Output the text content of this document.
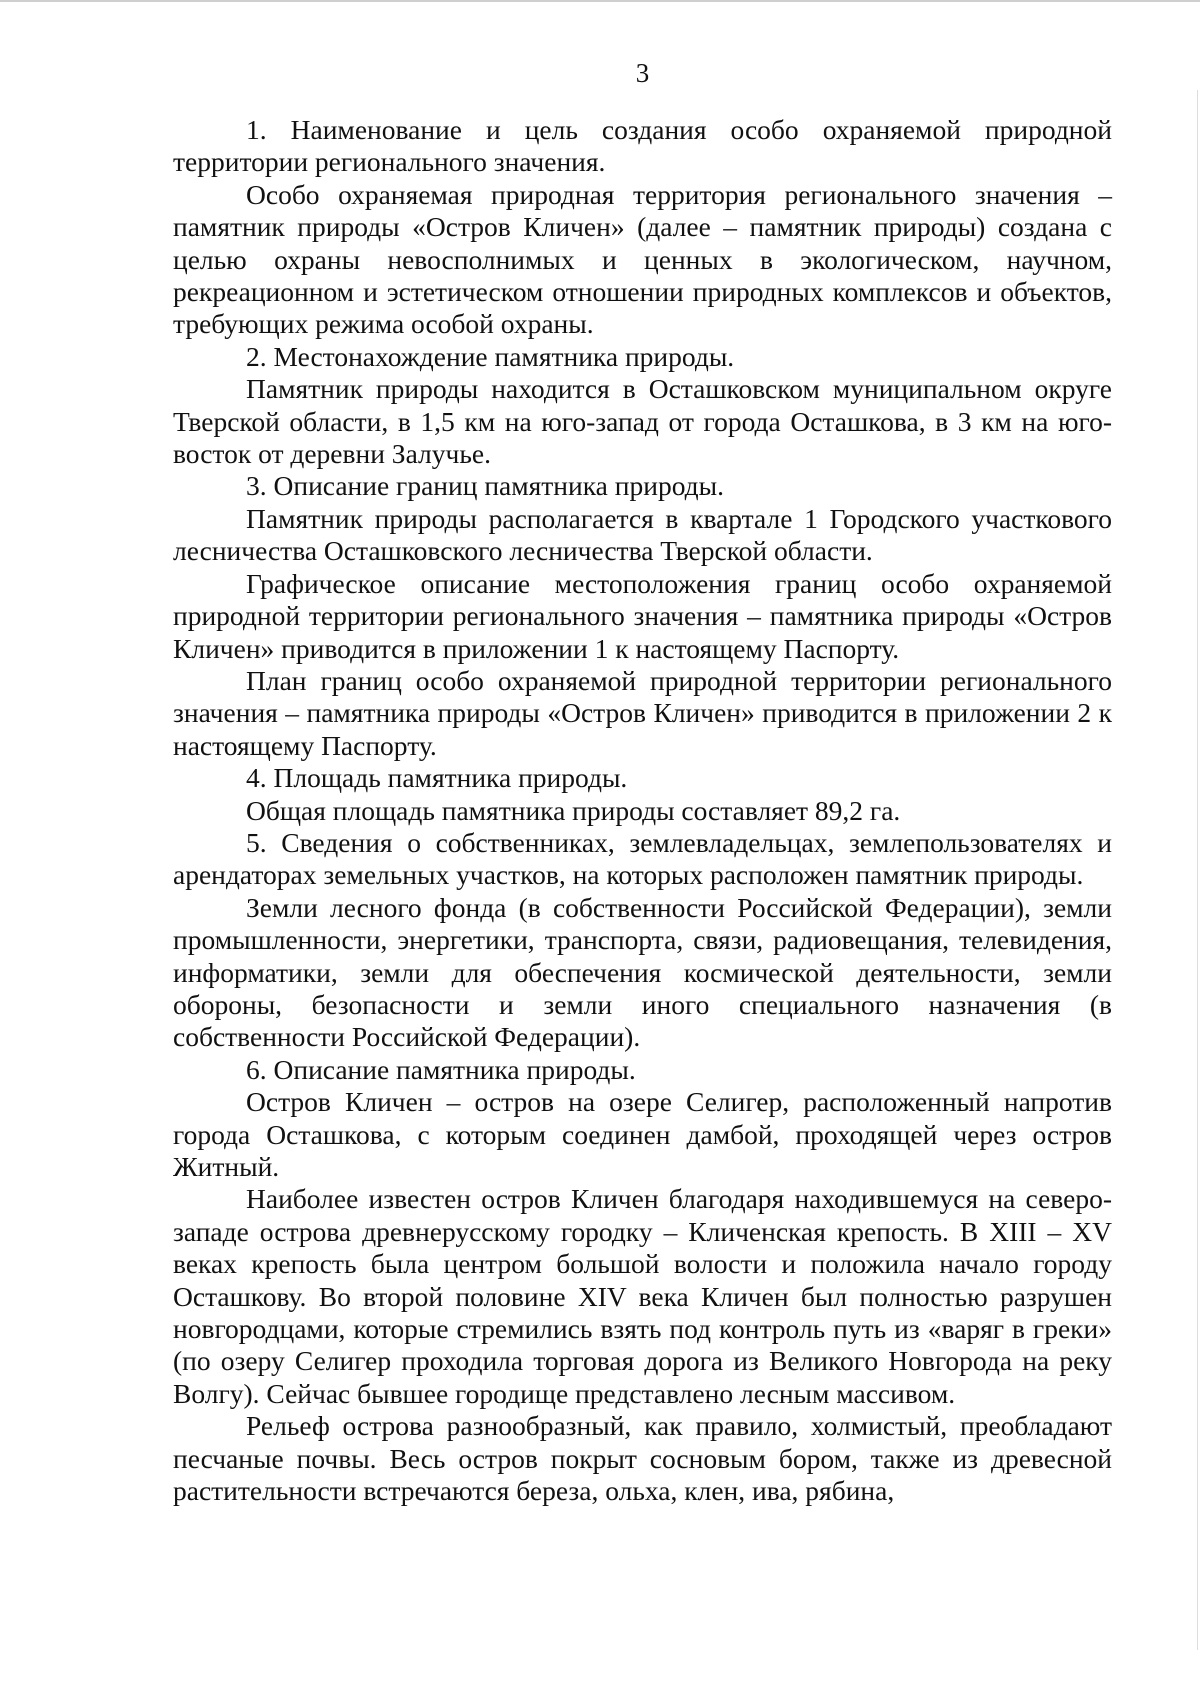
3

1. Наименование и цель создания особо охраняемой природной территории регионального значения.

Особо охраняемая природная территория регионального значения – памятник природы «Остров Кличен» (далее – памятник природы) создана с целью охраны невосполнимых и ценных в экологическом, научном, рекреационном и эстетическом отношении природных комплексов и объектов, требующих режима особой охраны.

2. Местонахождение памятника природы.

Памятник природы находится в Осташковском муниципальном округе Тверской области, в 1,5 км на юго-запад от города Осташкова, в 3 км на юго-восток от деревни Залучье.

3. Описание границ памятника природы.

Памятник природы располагается в квартале 1 Городского участкового лесничества Осташковского лесничества Тверской области.

Графическое описание местоположения границ особо охраняемой природной территории регионального значения – памятника природы «Остров Кличен» приводится в приложении 1 к настоящему Паспорту.

План границ особо охраняемой природной территории регионального значения – памятника природы «Остров Кличен» приводится в приложении 2 к настоящему Паспорту.

4. Площадь памятника природы.

Общая площадь памятника природы составляет 89,2 га.

5. Сведения о собственниках, землевладельцах, землепользователях и арендаторах земельных участков, на которых расположен памятник природы.

Земли лесного фонда (в собственности Российской Федерации), земли промышленности, энергетики, транспорта, связи, радиовещания, телевидения, информатики, земли для обеспечения космической деятельности, земли обороны, безопасности и земли иного специального назначения (в собственности Российской Федерации).

6. Описание памятника природы.

Остров Кличен – остров на озере Селигер, расположенный напротив города Осташкова, с которым соединен дамбой, проходящей через остров Житный.

Наиболее известен остров Кличен благодаря находившемуся на северо-западе острова древнерусскому городку – Кличенская крепость. В XIII – XV веках крепость была центром большой волости и положила начало городу Осташкову. Во второй половине XIV века Кличен был полностью разрушен новгородцами, которые стремились взять под контроль путь из «варяг в греки» (по озеру Селигер проходила торговая дорога из Великого Новгорода на реку Волгу). Сейчас бывшее городище представлено лесным массивом.

Рельеф острова разнообразный, как правило, холмистый, преобладают песчаные почвы. Весь остров покрыт сосновым бором, также из древесной растительности встречаются береза, ольха, клен, ива, рябина,
